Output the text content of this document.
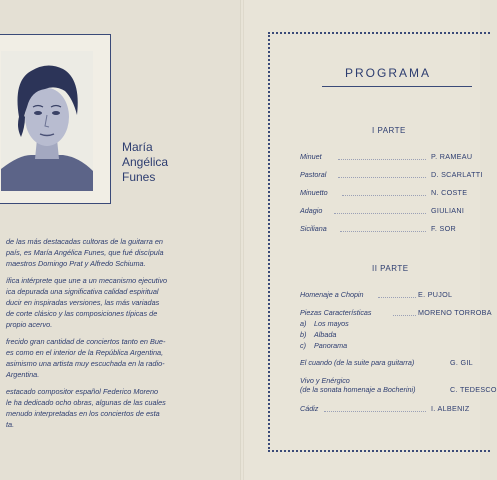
María
Angélica
Funes

de las más destacadas cultoras de la guitarra en
país, es María Angélica Funes, que fué discípula
maestros Domingo Prat y Alfredo Schiuma.

ífica intérprete que une a un mecanismo ejecutivo
ica depurada una significativa calidad espiritual
ducir en inspiradas versiones, las más variadas
de corte clásico y las composiciones típicas de
propio acervo.

frecido gran cantidad de conciertos tanto en Bue-
es como en el interior de la República Argentina,
asimismo una artista muy escuchada en la radio-
Argentina.

estacado compositor español Federico Moreno
le ha dedicado ocho obras, algunas de las cuales
menudo interpretadas en los conciertos de esta
ta.

PROGRAMA
I PARTE
Minuet	P. RAMEAU
Pastoral	D. SCARLATTI
Minuetto	N. COSTE
Adagio	GIULIANI
Siciliana	F. SOR
II PARTE
Homenaje a Chopin	E. PUJOL
Piezas Características	MORENO TORROBA
a) Los mayos
b) Albada
c) Panorama
El cuando (de la suite para guitarra)	G. GIL
Vivo y Enérgico
(de la sonata homenaje a Bocherini)	C. TEDESCO
Cádiz	I. ALBENIZ
